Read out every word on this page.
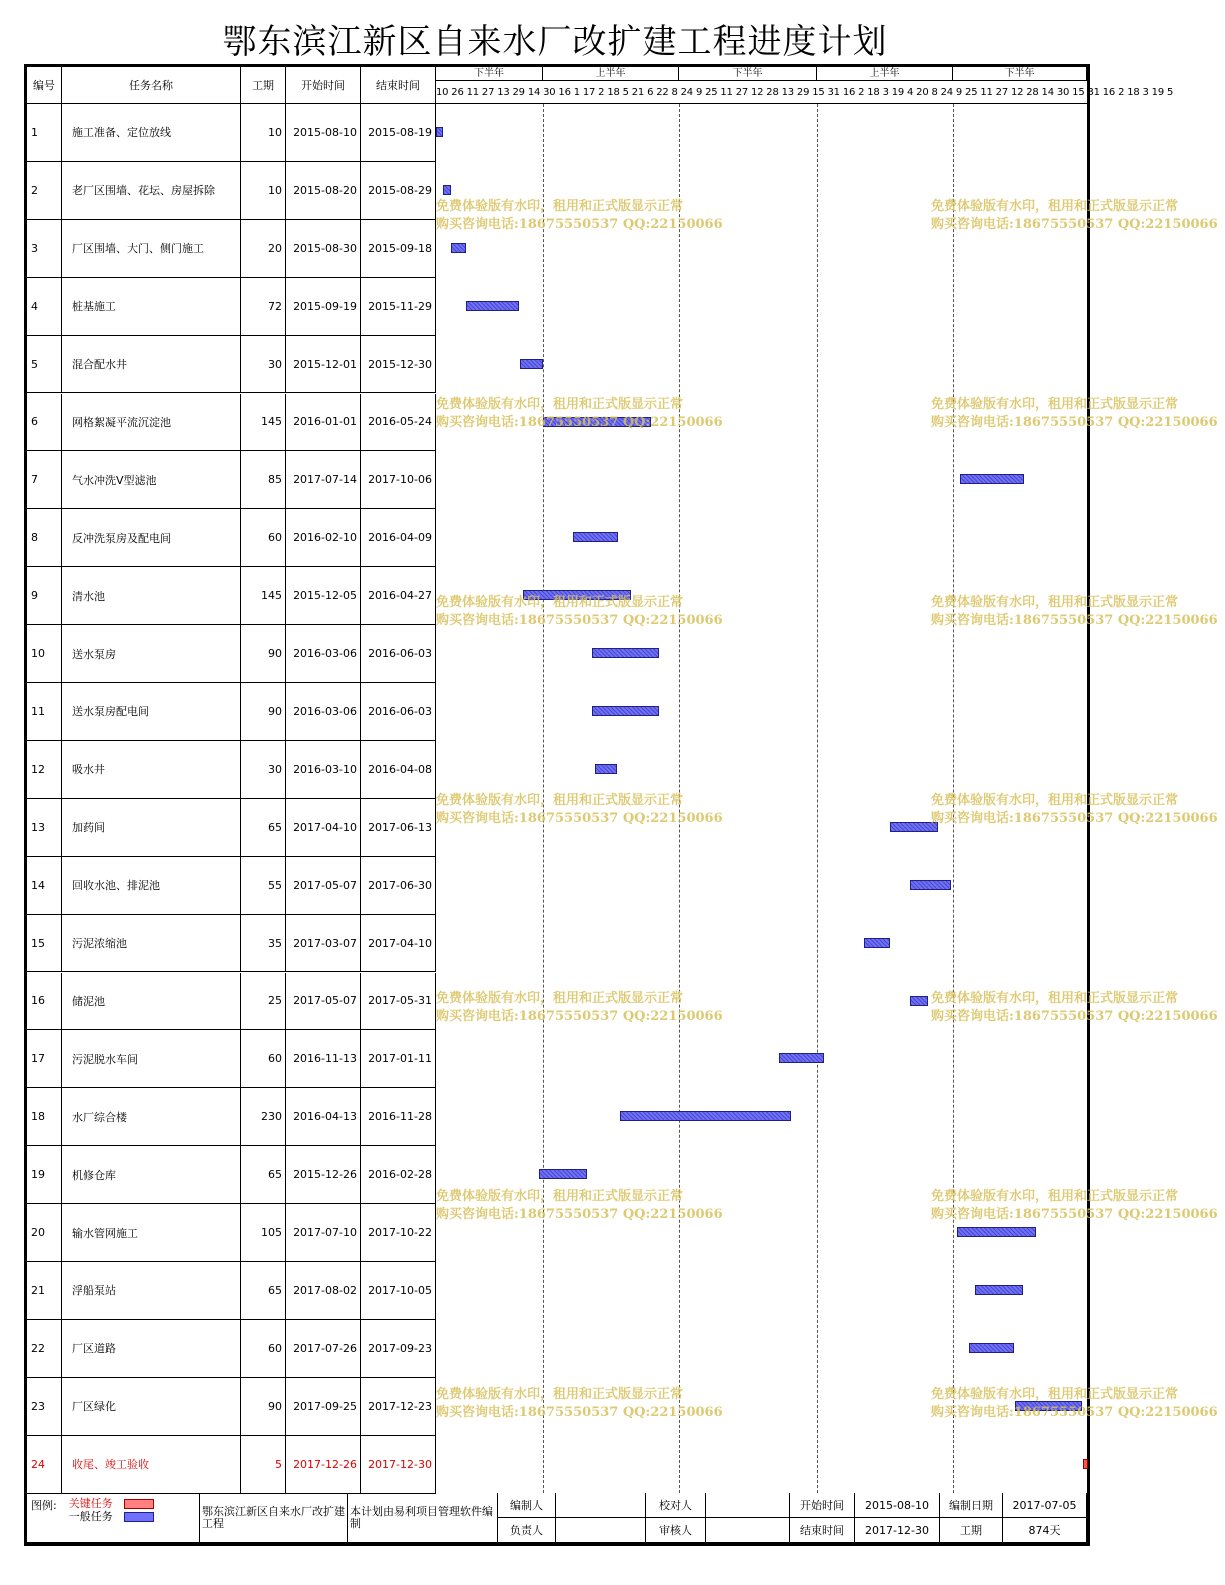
鄂东滨江新区自来水厂改扩建工程进度计划
编号	任务名称	工期	开始时间	结束时间
1	施工准备、定位放线	10	2015-08-10	2015-08-19
2	老厂区围墙、花坛、房屋拆除	10	2015-08-20	2015-08-29
3	厂区围墙、大门、侧门施工	20	2015-08-30	2015-09-18
4	桩基施工	72	2015-09-19	2015-11-29
5	混合配水井	30	2015-12-01	2015-12-30
6	网格絮凝平流沉淀池	145	2016-01-01	2016-05-24
7	气水冲洗V型滤池	85	2017-07-14	2017-10-06
8	反冲洗泵房及配电间	60	2016-02-10	2016-04-09
9	清水池	145	2015-12-05	2016-04-27
10	送水泵房	90	2016-03-06	2016-06-03
11	送水泵房配电间	90	2016-03-06	2016-06-03
12	吸水井	30	2016-03-10	2016-04-08
13	加药间	65	2017-04-10	2017-06-13
14	回收水池、排泥池	55	2017-05-07	2017-06-30
15	污泥浓缩池	35	2017-03-07	2017-04-10
16	储泥池	25	2017-05-07	2017-05-31
17	污泥脱水车间	60	2016-11-13	2017-01-11
18	水厂综合楼	230	2016-04-13	2016-11-28
19	机修仓库	65	2015-12-26	2016-02-28
20	输水管网施工	105	2017-07-10	2017-10-22
21	浮船泵站	65	2017-08-02	2017-10-05
22	厂区道路	60	2017-07-26	2017-09-23
23	厂区绿化	90	2017-09-25	2017-12-23
24	收尾、竣工验收	5	2017-12-26	2017-12-30
10 26 11 27 13 29 14 30 16 1 17 2 18 5 21 6 22 8 24 9 25 11 27 12 28 13 29 15 31 16 2 18 3 19 4 20 8 24 9 25 11 27 12 28 14 30 15 31 16 2 18 3 19 5
下半年	上半年	下半年	上半年	下半年
免费体验版有水印，租用和正式版显示正常
购买咨询电话:18675550537 QQ:22150066
免费体验版有水印，租用和正式版显示正常
购买咨询电话:18675550537 QQ:22150066
免费体验版有水印，租用和正式版显示正常
购买咨询电话:18675550537 QQ:22150066
免费体验版有水印，租用和正式版显示正常
购买咨询电话:18675550537 QQ:22150066
免费体验版有水印，租用和正式版显示正常
购买咨询电话:18675550537 QQ:22150066
免费体验版有水印，租用和正式版显示正常
购买咨询电话:18675550537 QQ:22150066
免费体验版有水印，租用和正式版显示正常
购买咨询电话:18675550537 QQ:22150066
免费体验版有水印，租用和正式版显示正常
购买咨询电话:18675550537 QQ:22150066
免费体验版有水印，租用和正式版显示正常
购买咨询电话:18675550537 QQ:22150066
免费体验版有水印，租用和正式版显示正常
购买咨询电话:18675550537 QQ:22150066
免费体验版有水印，租用和正式版显示正常
购买咨询电话:18675550537 QQ:22150066
免费体验版有水印，租用和正式版显示正常
购买咨询电话:18675550537 QQ:22150066
免费体验版有水印，租用和正式版显示正常
购买咨询电话:18675550537 QQ:22150066
免费体验版有水印，租用和正式版显示正常
购买咨询电话:18675550537 QQ:22150066
图例: 关键任务
一般任务	鄂东滨江新区自来水厂改扩建工程
本计划由易利项目管理软件编制
编制人
负责人
校对人
审核人
开始时间	2015-08-10
结束时间	2017-12-30
编制日期	2017-07-05
工期	874天
